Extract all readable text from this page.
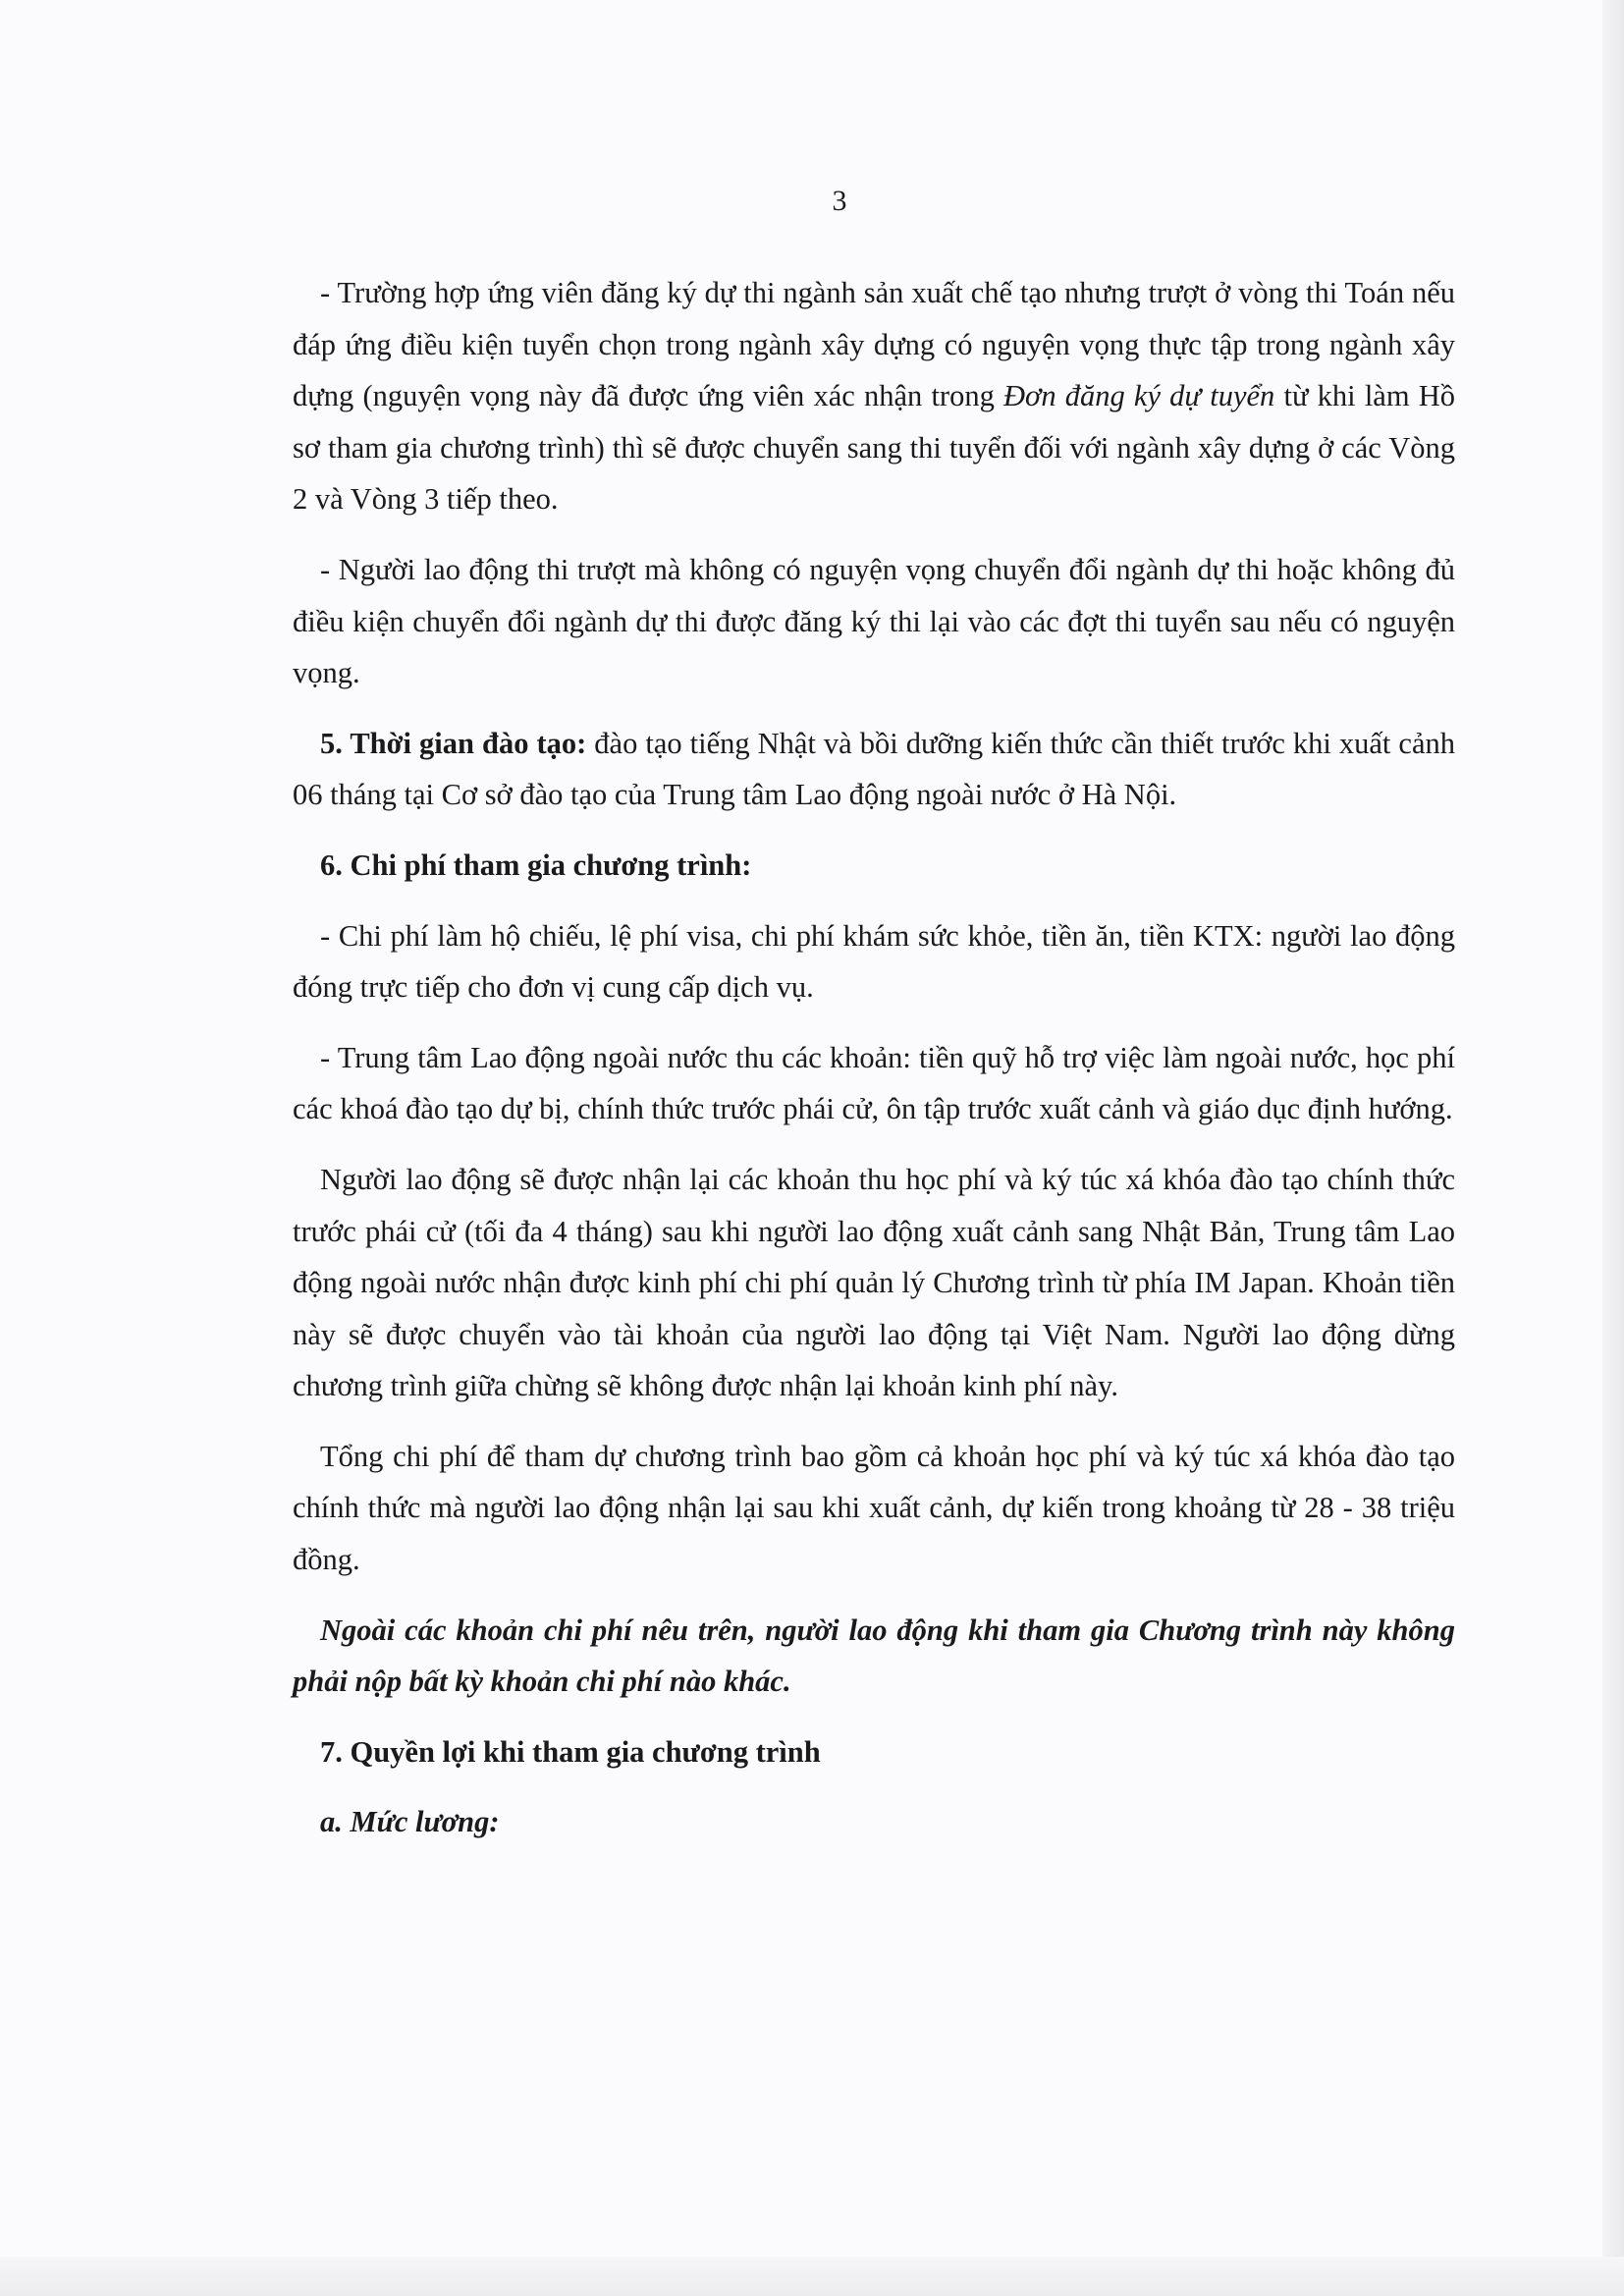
3

- Trường hợp ứng viên đăng ký dự thi ngành sản xuất chế tạo nhưng trượt ở vòng thi Toán nếu đáp ứng điều kiện tuyển chọn trong ngành xây dựng có nguyện vọng thực tập trong ngành xây dựng (nguyện vọng này đã được ứng viên xác nhận trong Đơn đăng ký dự tuyển từ khi làm Hồ sơ tham gia chương trình) thì sẽ được chuyển sang thi tuyển đối với ngành xây dựng ở các Vòng 2 và Vòng 3 tiếp theo.

- Người lao động thi trượt mà không có nguyện vọng chuyển đổi ngành dự thi hoặc không đủ điều kiện chuyển đổi ngành dự thi được đăng ký thi lại vào các đợt thi tuyển sau nếu có nguyện vọng.

5. Thời gian đào tạo: đào tạo tiếng Nhật và bồi dưỡng kiến thức cần thiết trước khi xuất cảnh 06 tháng tại Cơ sở đào tạo của Trung tâm Lao động ngoài nước ở Hà Nội.

6. Chi phí tham gia chương trình:

- Chi phí làm hộ chiếu, lệ phí visa, chi phí khám sức khỏe, tiền ăn, tiền KTX: người lao động đóng trực tiếp cho đơn vị cung cấp dịch vụ.

- Trung tâm Lao động ngoài nước thu các khoản: tiền quỹ hỗ trợ việc làm ngoài nước, học phí các khoá đào tạo dự bị, chính thức trước phái cử, ôn tập trước xuất cảnh và giáo dục định hướng.

Người lao động sẽ được nhận lại các khoản thu học phí và ký túc xá khóa đào tạo chính thức trước phái cử (tối đa 4 tháng) sau khi người lao động xuất cảnh sang Nhật Bản, Trung tâm Lao động ngoài nước nhận được kinh phí chi phí quản lý Chương trình từ phía IM Japan. Khoản tiền này sẽ được chuyển vào tài khoản của người lao động tại Việt Nam. Người lao động dừng chương trình giữa chừng sẽ không được nhận lại khoản kinh phí này.

Tổng chi phí để tham dự chương trình bao gồm cả khoản học phí và ký túc xá khóa đào tạo chính thức mà người lao động nhận lại sau khi xuất cảnh, dự kiến trong khoảng từ 28 - 38 triệu đồng.

Ngoài các khoản chi phí nêu trên, người lao động khi tham gia Chương trình này không phải nộp bất kỳ khoản chi phí nào khác.

7. Quyền lợi khi tham gia chương trình

a. Mức lương:
